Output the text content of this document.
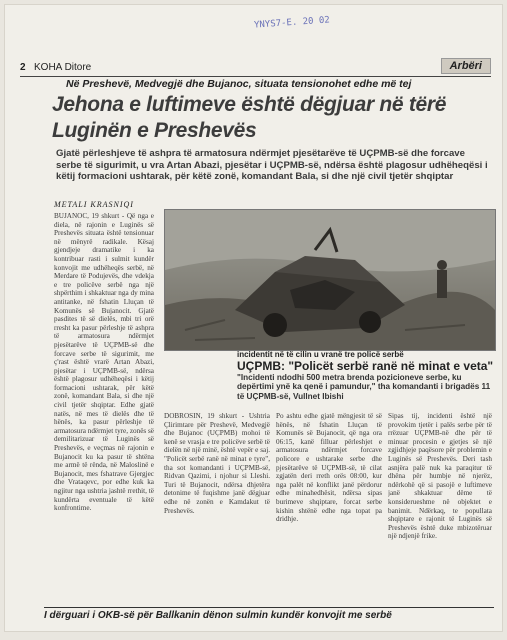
YNYS7-E. 20 02
2 KOHA Ditore	Arbëri
Në Preshevë, Medvegjë dhe Bujanoc, situata tensionohet edhe më tej
Jehona e luftimeve është dëgjuar në tërë Luginën e Preshevës
Gjatë përleshjeve të ashpra të armatosura ndërmjet pjesëtarëve të UÇPMB-së dhe forcave serbe të sigurimit, u vra Artan Abazi, pjesëtar i UÇPMB-së, ndërsa është plagosur udhëheqësi i këtij formacioni ushtarak, për këtë zonë, komandant Bala, si dhe një civil tjetër shqiptar
METALI KRASNIQI
BUJANOC, 19 shkurt - Që nga e diela, në rajonin e Luginës së Preshevës situata është tensionuar në mënyrë radikale. Kësaj gjendjeje dramatike i ka kontribuar rasti i sulmit kundër konvojit me udhëheqës serbë, në Merdare të Podujevës, dhe vdekja e tre policëve serbë nga një shpërthim i shkaktuar nga dy mina antitanke, në fshatin Lluçan të Komunës së Bujanocit. Gjatë pasdites të së dielës, mbi tri orë rresht ka pasur përleshje të ashpra të armatosura ndërmjet pjesëtarëve të UÇPMB-së dhe forcave serbe të sigurimit, me ç'rast është vrarë Artan Abazi, pjesëtar i UÇPMB-së, ndërsa është plagosur udhëheqësi i këtij formacioni ushtarak, për këtë zonë, komandant Bala, si dhe një civil tjetër shqiptar. Edhe gjatë natës, në mes të dielës dhe të hënës, ka pasur përleshje të armatosura ndërmjet tyre, zonës së demilitarizuar të Luginës së Preshevës, e veçmas në rajonin e Bujanocit ku ka pasur të shtëna me armë të rënda, në Maloslinë e Bujanocit, mes fshatrave Gjergjec dhe Vrataqevc, por edhe kuk ka ngjitur nga ushtria jashtë rrethit, të kundërta eventuale të këtë konfrontime.
incidentit në të cilin u vranë tre policë serbë
UÇPMB: "Policët serbë ranë në minat e veta"
"Incidenti ndodhi 500 metra brenda pozicioneve serbe, ku depërtimi ynë ka qenë i pamundur," tha komandanti i brigadës 11 të UÇPMB-së, Vullnet Ibishi
DOBROSIN, 19 shkurt - Ushtria Çlirimtare për Preshevë, Medvegjë dhe Bujanoc (UÇPMB) mohoi të kenë se vrasja e tre policëve serbë të dielën në një minë, është vepër e saj. "Policët serbë ranë në minat e tyre", tha sot komandanti i UÇPMB-së, Ridvan Qazimi, i njohur si Lleshi. Turi të Bujanocit, ndërsa dhjetëra detonime të fuqishme janë dëgjuar edhe në zonën e Kamdakut të Preshevës.
Po ashtu edhe gjatë mëngjesit të së hënës, në fshatin Lluçan të Komunës së Bujanocit, që nga ora 06:15, kanë filluar përleshjet e armatosura ndërmjet forcave policore e ushtarake serbe dhe pjesëtarëve të UÇPMB-së, të cilat zgjatën deri rreth orës 08:00, kur nga palët në konflikt janë përdorur edhe minahedhësit, ndërsa sipas burimeve shqiptare, forcat serbe kishin shtënë edhe nga topat pa dridhje.
Sipas tij, incidenti është një provokim tjetër i palës serbe për të rrëzuar UÇPMB-në dhe për të minuar procesin e gjetjes së një zgjidhjeje paqësore për problemin e Luginës së Preshevës. Deri tash asnjëra palë nuk ka paraqitur të dhëna për humbje në njerëz, ndërkohë që si pasojë e luftimeve janë shkaktuar dëme të konsiderueshme në objektet e banimit. Ndërkaq, te popullata shqiptare e rajonit të Luginës së Preshevës është duke mbizotëruar një ndjenjë frike.
I dërguari i OKB-së për Ballkanin dënon sulmin kundër konvojit me serbë
